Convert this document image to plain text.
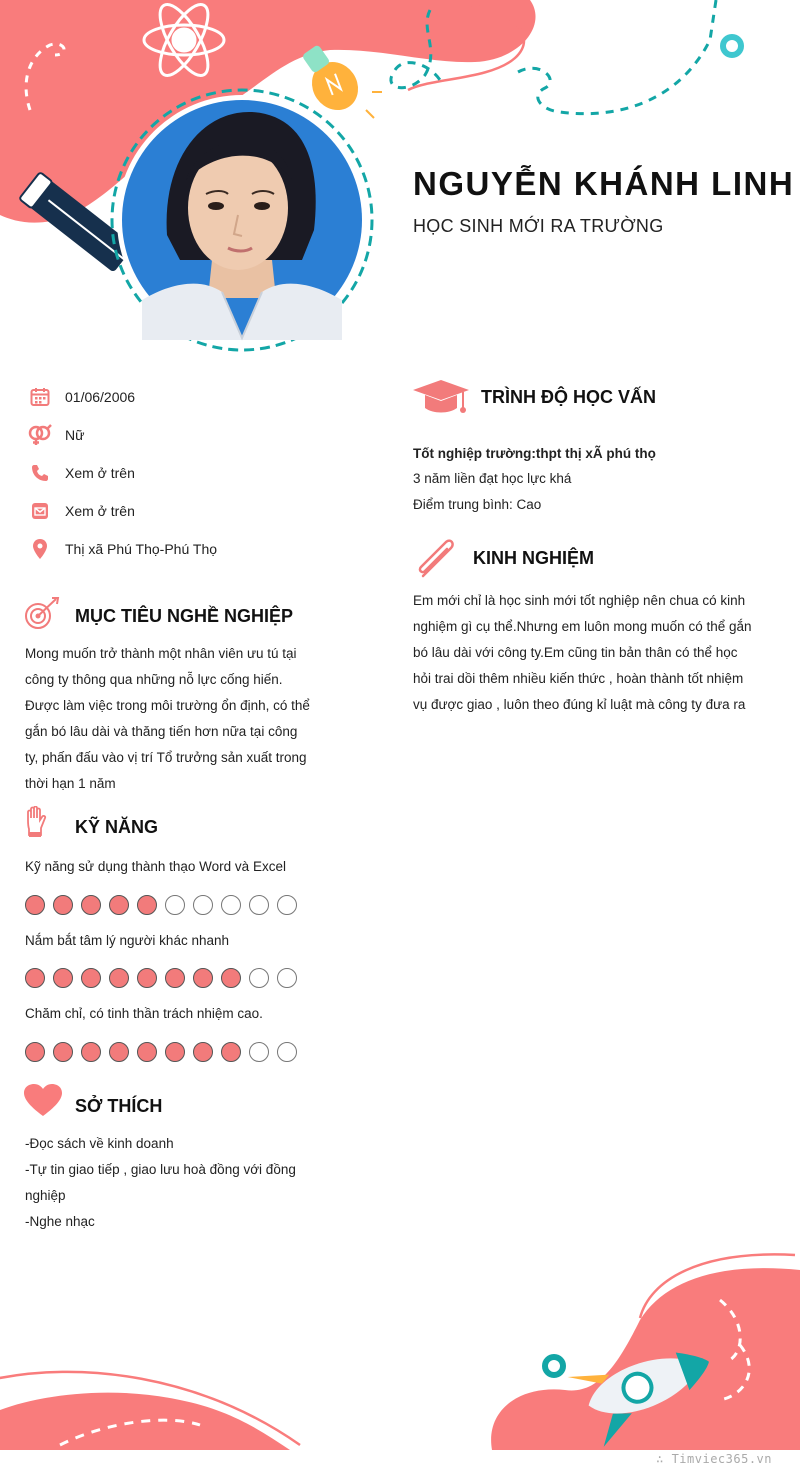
NGUYỄN KHÁNH LINH
HỌC SINH MỚI RA TRƯỜNG
01/06/2006
Nữ
Xem ở trên
Xem ở trên
Thị xã Phú Thọ-Phú Thọ
MỤC TIÊU NGHỀ NGHIỆP
Mong muốn trở thành một nhân viên ưu tú tại
công ty thông qua những nỗ lực cống hiến.
Được làm việc trong môi trường ổn định, có thể
gắn bó lâu dài và thăng tiến hơn nữa tại công
ty, phấn đấu vào vị trí Tổ trưởng sản xuất trong
thời hạn 1 năm
KỸ NĂNG
Kỹ năng sử dụng thành thạo Word và Excel
Nắm bắt tâm lý người khác nhanh
Chăm chỉ, có tinh thần trách nhiệm cao.
SỞ THÍCH
-Đọc sách về kinh doanh
-Tự tin giao tiếp , giao lưu hoà đồng với đồng
nghiệp
-Nghe nhạc
TRÌNH ĐỘ HỌC VẤN
Tốt nghiệp trường:thpt thị xÃ phú thọ
3 năm liền đạt học lực khá
Điểm trung bình: Cao
KINH NGHIỆM
Em mới chỉ là học sinh mới tốt nghiệp nên chua có kinh
nghiệm gì cụ thể.Nhưng em luôn mong muốn có thể gắn
bó lâu dài với công ty.Em cũng tin bản thân có thể học
hỏi trai dồi thêm nhiều kiến thức , hoàn thành tốt nhiệm
vụ được giao , luôn theo đúng kỉ luật mà công ty đưa ra
∴ Timviec365.vn
